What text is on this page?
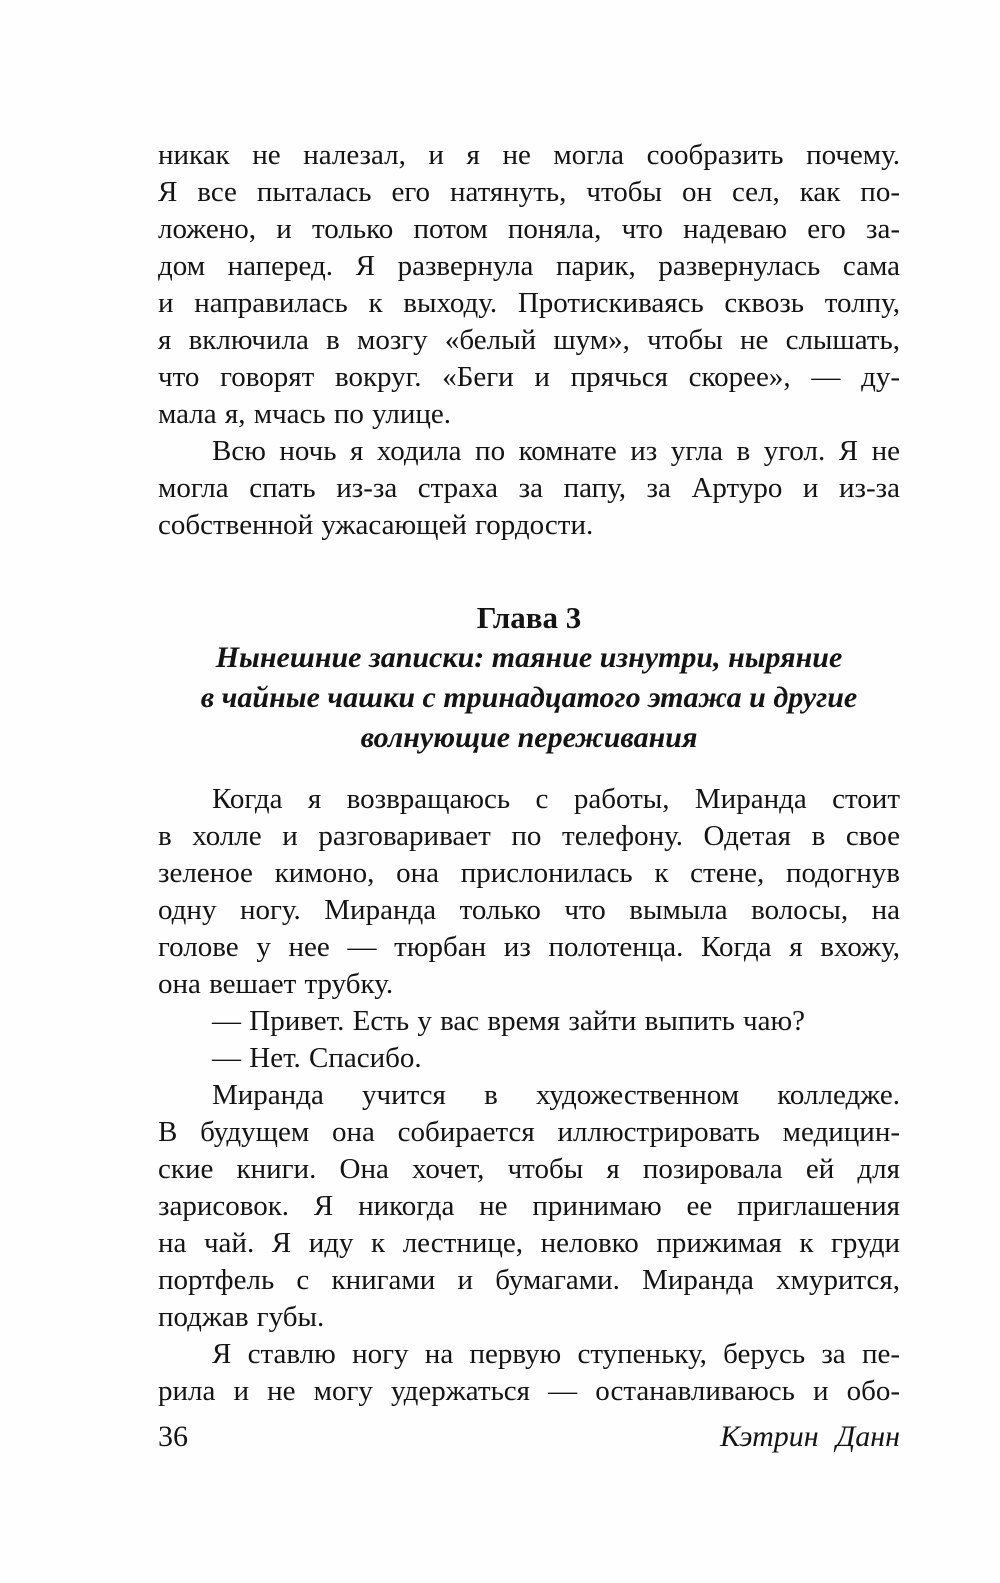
никак не налезал, и я не могла сообразить почему.
Я все пыталась его натянуть, чтобы он сел, как по-
ложено, и только потом поняла, что надеваю его за-
дом наперед. Я развернула парик, развернулась сама
и направилась к выходу. Протискиваясь сквозь толпу,
я включила в мозгу «белый шум», чтобы не слышать,
что говорят вокруг. «Беги и прячься скорее», — ду-
мала я, мчась по улице.
Всю ночь я ходила по комнате из угла в угол. Я не
могла спать из-за страха за папу, за Артуро и из-за
собственной ужасающей гордости.
Глава 3
Нынешние записки: таяние изнутри, ныряние
в чайные чашки с тринадцатого этажа и другие
волнующие переживания
Когда я возвращаюсь с работы, Миранда стоит
в холле и разговаривает по телефону. Одетая в свое
зеленое кимоно, она прислонилась к стене, подогнув
одну ногу. Миранда только что вымыла волосы, на
голове у нее — тюрбан из полотенца. Когда я вхожу,
она вешает трубку.
— Привет. Есть у вас время зайти выпить чаю?
— Нет. Спасибо.
Миранда учится в художественном колледже.
В будущем она собирается иллюстрировать медицин-
ские книги. Она хочет, чтобы я позировала ей для
зарисовок. Я никогда не принимаю ее приглашения
на чай. Я иду к лестнице, неловко прижимая к груди
портфель с книгами и бумагами. Миранда хмурится,
поджав губы.
Я ставлю ногу на первую ступеньку, берусь за пе-
рила и не могу удержаться — останавливаюсь и обо-
36	Кэтрин Данн
